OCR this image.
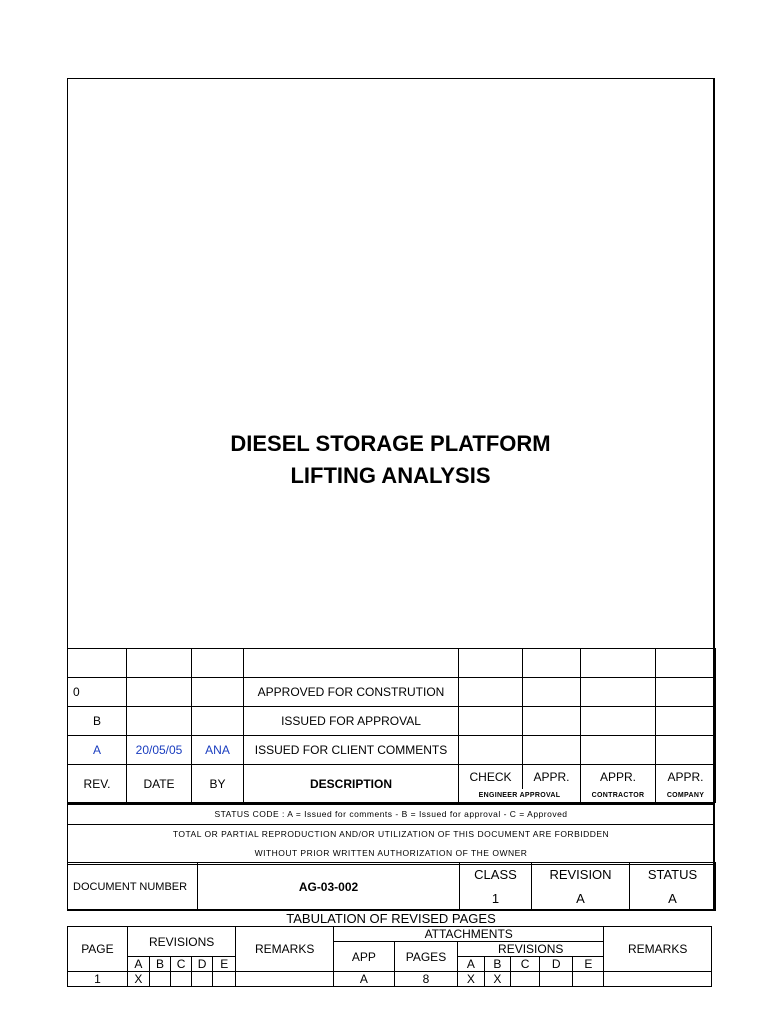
DIESEL STORAGE PLATFORM
LIFTING ANALYSIS

0			APPROVED FOR CONSTRUTION				
B			ISSUED FOR APPROVAL				
A	20/05/05	ANA	ISSUED FOR CLIENT COMMENTS				
REV.	DATE	BY	DESCRIPTION	CHECK	APPR.	APPR.	APPR.
				ENGINEER APPROVAL		CONTRACTOR	COMPANY
STATUS CODE : A = Issued for comments - B = Issued for approval - C = Approved

TOTAL OR PARTIAL REPRODUCTION AND/OR UTILIZATION OF THIS DOCUMENT ARE FORBIDDEN
WITHOUT PRIOR WRITTEN AUTHORIZATION OF THE OWNER
DOCUMENT NUMBER	AG-03-002	CLASS	REVISION	STATUS
		1	A	A
TABULATION OF REVISED PAGES
PAGE	REVISIONS					REMARKS	ATTACHMENTS							REMARKS
							APP	PAGES	REVISIONS					
	A	B	C	D	E				A	B	C	D	E	
1	X						A	8	X	X				
